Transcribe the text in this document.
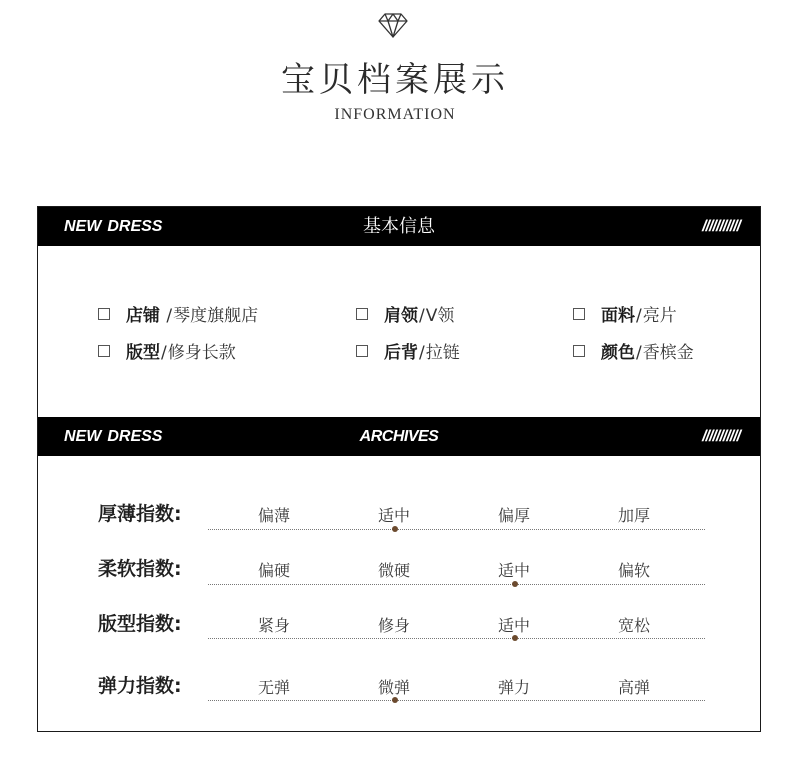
宝贝档案展示
INFORMATION
NEW DRESS	基本信息	///////////
店铺 /琴度旗舰店	肩领/V领	面料/亮片
版型/修身长款	后背/拉链	颜色/香槟金
NEW DRESS	ARCHIVES	///////////
厚薄指数:	偏薄	适中	偏厚	加厚
柔软指数:	偏硬	微硬	适中	偏软
版型指数:	紧身	修身	适中	宽松
弹力指数:	无弹	微弹	弹力	高弹
